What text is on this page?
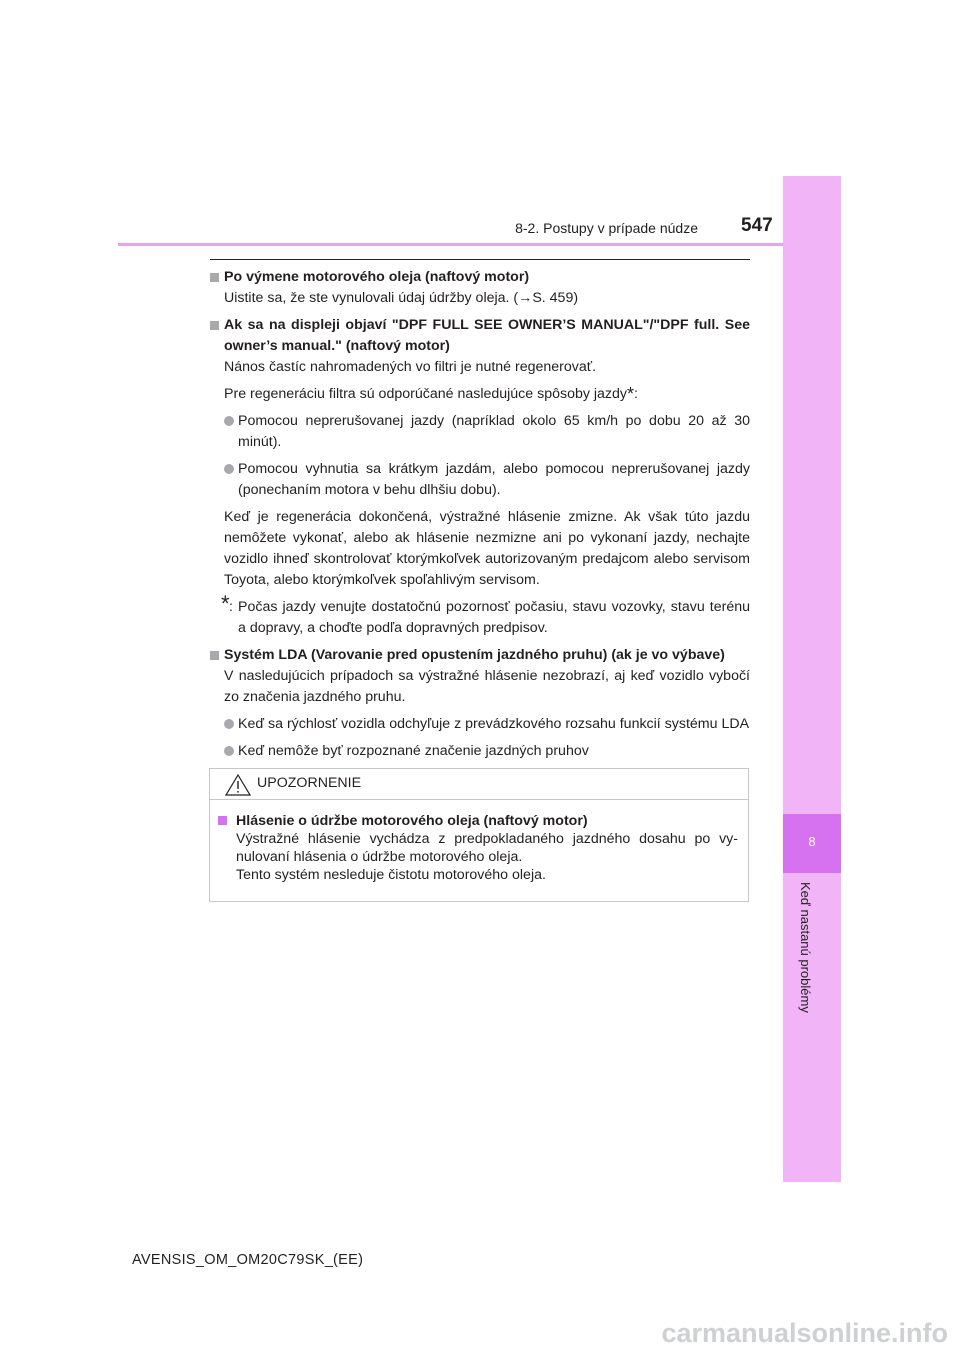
8-2. Postupy v prípade núdze 547
8
Keď nastanú problémy
Po výmene motorového oleja (naftový motor)
Uistite sa, že ste vynulovali údaj údržby oleja. (→S. 459)
Ak sa na displeji objaví "DPF FULL SEE OWNER’S MANUAL"/"DPF full. See owner’s manual." (naftový motor)
Nános častíc nahromadených vo filtri je nutné regenerovať.
Pre regeneráciu filtra sú odporúčané nasledujúce spôsoby jazdy*:
Pomocou neprerušovanej jazdy (napríklad okolo 65 km/h po dobu 20 až 30 minút).
Pomocou vyhnutia sa krátkym jazdám, alebo pomocou neprerušovanej jazdy (ponechaním motora v behu dlhšiu dobu).
Keď je regenerácia dokončená, výstražné hlásenie zmizne. Ak však túto jazdu nemôžete vykonať, alebo ak hlásenie nezmizne ani po vykonaní jazdy, nechajte vozidlo ihneď skontrolovať ktorýmkoľvek autorizovaným predajcom alebo servisom Toyota, alebo ktorýmkoľvek spoľahlivým servisom.
* : Počas jazdy venujte dostatočnú pozornosť počasiu, stavu vozovky, stavu terénu a dopravy, a choďte podľa dopravných predpisov.
Systém LDA (Varovanie pred opustením jazdného pruhu) (ak je vo výbave)
V nasledujúcich prípadoch sa výstražné hlásenie nezobrazí, aj keď vozidlo vybočí zo značenia jazdného pruhu.
Keď sa rýchlosť vozidla odchyľuje z prevádzkového rozsahu funkcií systému LDA
Keď nemôže byť rozpoznané značenie jazdných pruhov
UPOZORNENIE
Hlásenie o údržbe motorového oleja (naftový motor)
Výstražné hlásenie vychádza z predpokladaného jazdného dosahu po vy- nulovaní hlásenia o údržbe motorového oleja.
Tento systém nesleduje čistotu motorového oleja.
AVENSIS_OM_OM20C79SK_(EE)
carmanualsonline.info
